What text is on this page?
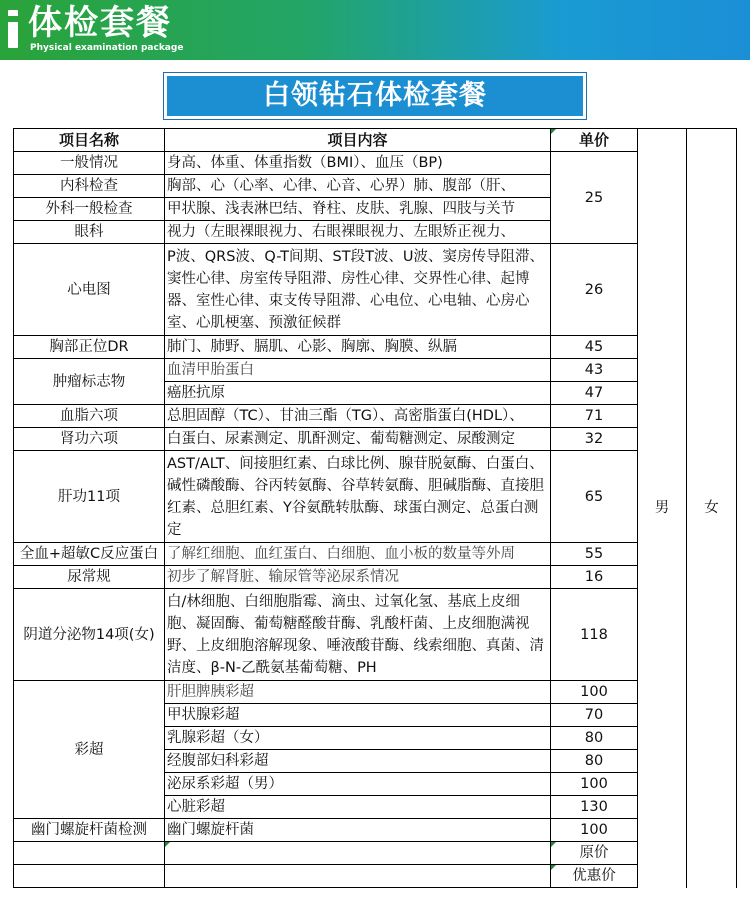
体检套餐
Physical examination package
白领钻石体检套餐
项目名称	项目内容	单价	男	女	
一般情况	身高、体重、体重指数（BMI）、血压（BP)	25			
内科检查	胸部、心（心率、心律、心音、心界）肺、腹部（肝、				
外科一般检查	甲状腺、浅表淋巴结、脊柱、皮肤、乳腺、四肢与关节				
眼科	视力（左眼裸眼视力、右眼裸眼视力、左眼矫正视力、				
心电图	P波、QRS波、Q-T间期、ST段T波、U波、窦房传导阻滞、窦性心律、房室传导阻滞、房性心律、交界性心律、起博器、室性心律、束支传导阻滞、心电位、心电轴、心房心室、心肌梗塞、预激征候群	26			
胸部正位DR	肺门、肺野、膈肌、心影、胸廓、胸膜、纵膈	45			
肿瘤标志物	血清甲胎蛋白	43			
	癌胚抗原	47			
血脂六项	总胆固醇（TC）、甘油三酯（TG）、高密脂蛋白(HDL）、	71			
肾功六项	白蛋白、尿素测定、肌酐测定、葡萄糖测定、尿酸测定	32			
肝功11项	AST/ALT、间接胆红素、白球比例、腺苷脱氨酶、白蛋白、碱性磷酸酶、谷丙转氨酶、谷草转氨酶、胆碱脂酶、直接胆红素、总胆红素、Y谷氨酰转肽酶、球蛋白测定、总蛋白测定	65			
全血+超敏C反应蛋白	了解红细胞、血红蛋白、白细胞、血小板的数量等外周	55			
尿常规	初步了解肾脏、输尿管等泌尿系情况	16			
阴道分泌物14项(女)	白/林细胞、白细胞脂霉、滴虫、过氧化氢、基底上皮细胞、凝固酶、葡萄糖醛酸苷酶、乳酸杆菌、上皮细胞满视野、上皮细胞溶解现象、唾液酸苷酶、线索细胞、真菌、清洁度、β-N-乙酰氨基葡萄糖、PH	118			
彩超	肝胆脾胰彩超	100			
	甲状腺彩超	70			
	乳腺彩超（女）	80			
	经腹部妇科彩超	80			
	泌尿系彩超（男）	100			
	心脏彩超	130			
幽门螺旋杆菌检测	幽门螺旋杆菌	100			
		原价		
		优惠价		
